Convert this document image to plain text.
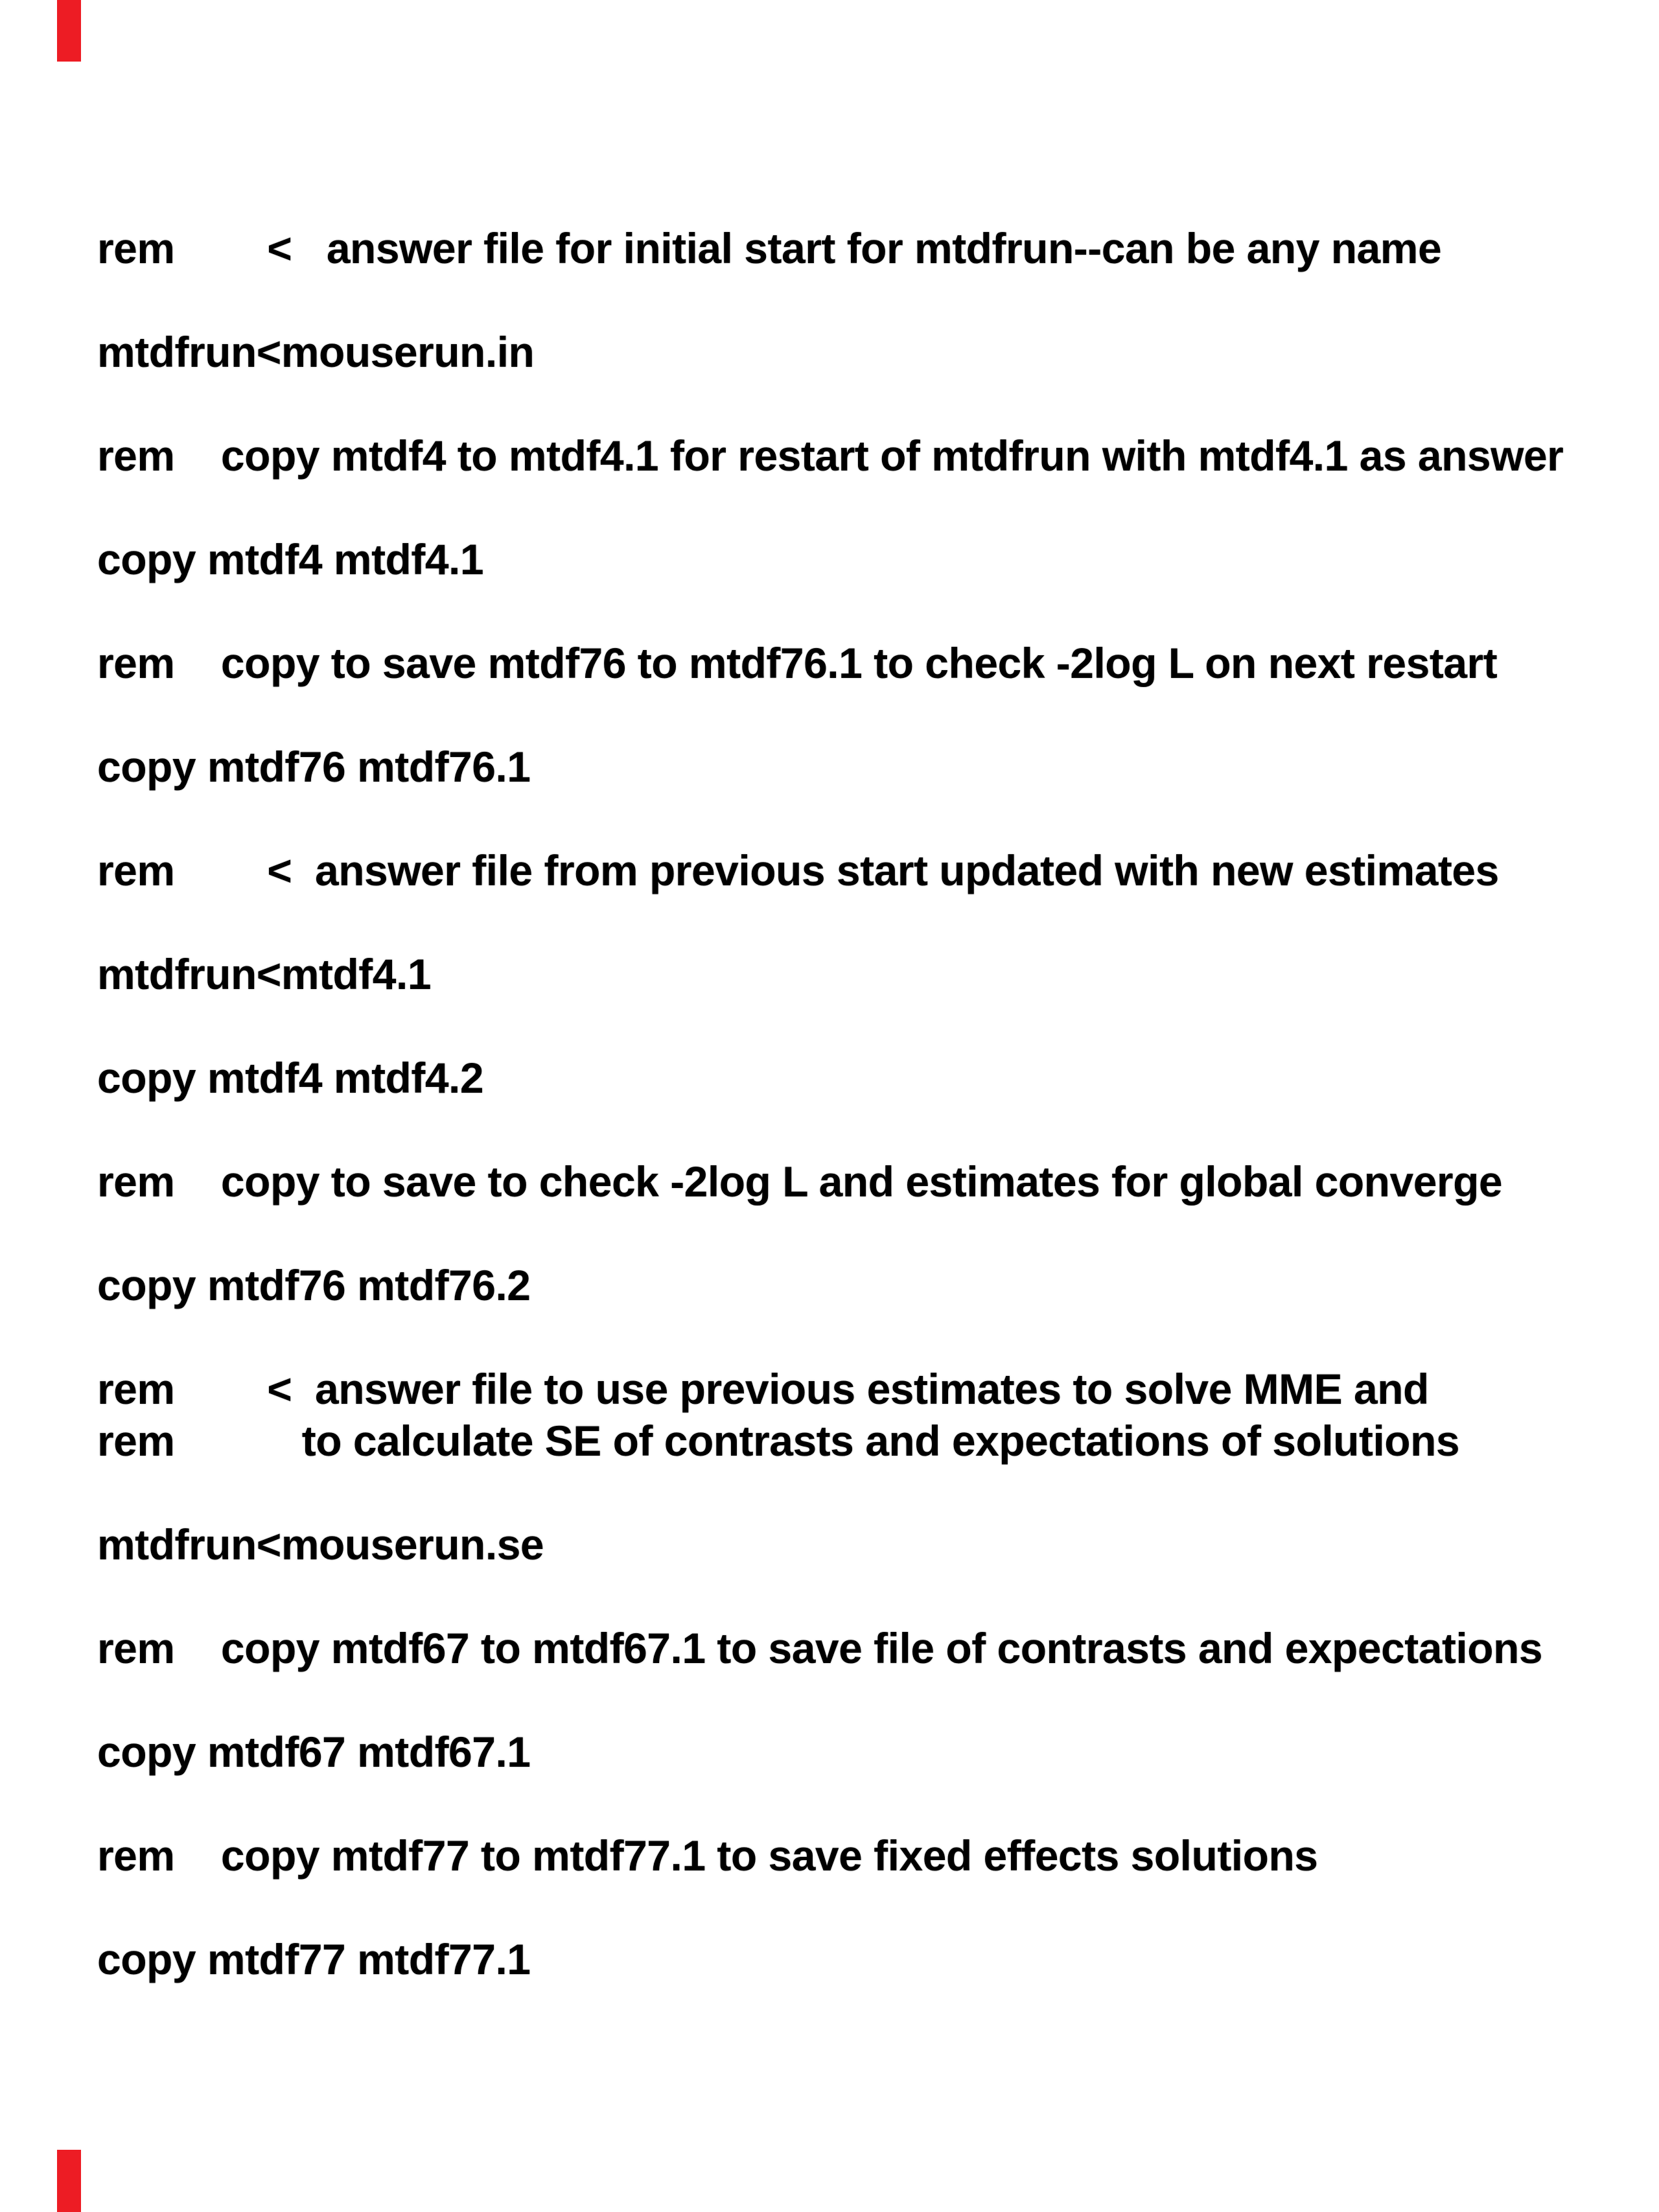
rem        <   answer file for initial start for mtdfrun--can be any name

mtdfrun<mouserun.in

rem    copy mtdf4 to mtdf4.1 for restart of mtdfrun with mtdf4.1 as answer

copy mtdf4 mtdf4.1

rem    copy to save mtdf76 to mtdf76.1 to check -2log L on next restart

copy mtdf76 mtdf76.1

rem        <  answer file from previous start updated with new estimates

mtdfrun<mtdf4.1

copy mtdf4 mtdf4.2

rem    copy to save to check -2log L and estimates for global converge

copy mtdf76 mtdf76.2

rem        <  answer file to use previous estimates to solve MME and
rem           to calculate SE of contrasts and expectations of solutions

mtdfrun<mouserun.se

rem    copy mtdf67 to mtdf67.1 to save file of contrasts and expectations

copy mtdf67 mtdf67.1

rem    copy mtdf77 to mtdf77.1 to save fixed effects solutions

copy mtdf77 mtdf77.1
